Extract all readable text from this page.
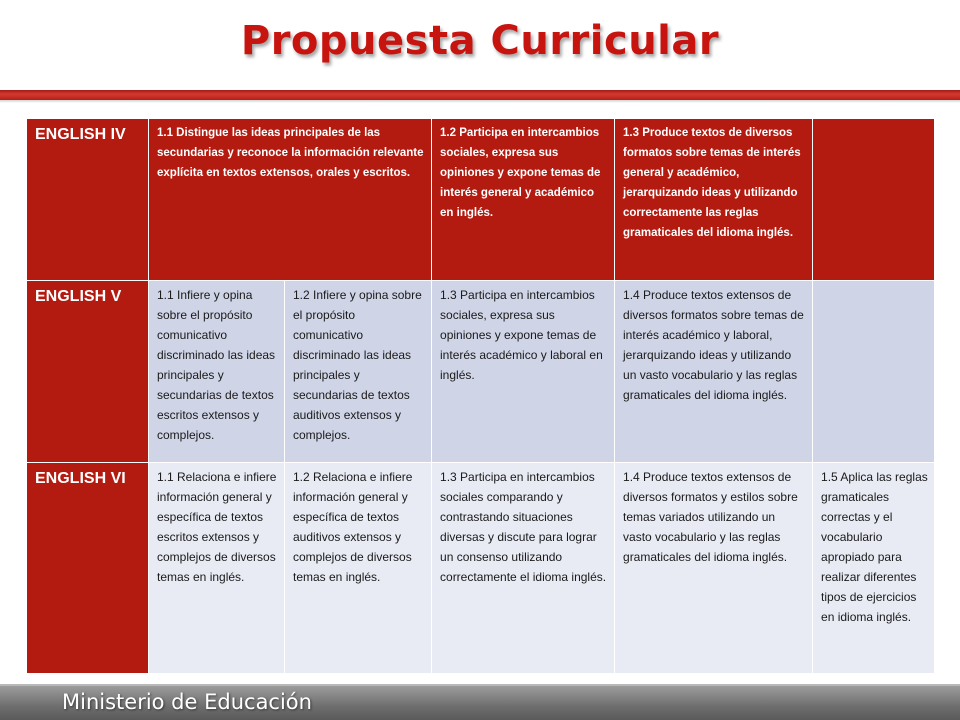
Propuesta Curricular
ENGLISH IV	1.1 Distingue las ideas principales de las secundarias y reconoce la información relevante explícita en textos extensos, orales y escritos.		1.2 Participa en intercambios sociales, expresa sus opiniones y expone temas de interés general y académico en inglés.	1.3 Produce textos de diversos formatos sobre temas de interés general y académico, jerarquizando ideas y utilizando correctamente las reglas gramaticales del idioma inglés.	
ENGLISH V	1.1 Infiere y opina sobre el propósito comunicativo discriminado las ideas principales y secundarias de textos escritos extensos y complejos.	1.2 Infiere y opina sobre el propósito comunicativo discriminado las ideas principales y secundarias de textos auditivos extensos y complejos.	1.3 Participa en intercambios sociales, expresa sus opiniones y expone temas de interés académico y laboral en inglés.	1.4 Produce textos extensos de diversos formatos sobre temas de interés académico y laboral, jerarquizando ideas y utilizando un vasto vocabulario y las reglas gramaticales del idioma inglés.	
ENGLISH VI	1.1 Relaciona e infiere información general y específica de textos escritos extensos y complejos de diversos temas en inglés.	1.2 Relaciona e infiere información general y específica de textos auditivos extensos y complejos de diversos temas en inglés.	1.3 Participa en intercambios sociales comparando y contrastando situaciones diversas y discute para lograr un consenso utilizando correctamente el idioma inglés.	1.4 Produce textos extensos de diversos formatos y estilos sobre temas variados utilizando un vasto vocabulario y las reglas gramaticales del idioma inglés.	1.5 Aplica las reglas gramaticales correctas y el vocabulario apropiado para realizar diferentes tipos de ejercicios en idioma inglés.
Ministerio de Educación
